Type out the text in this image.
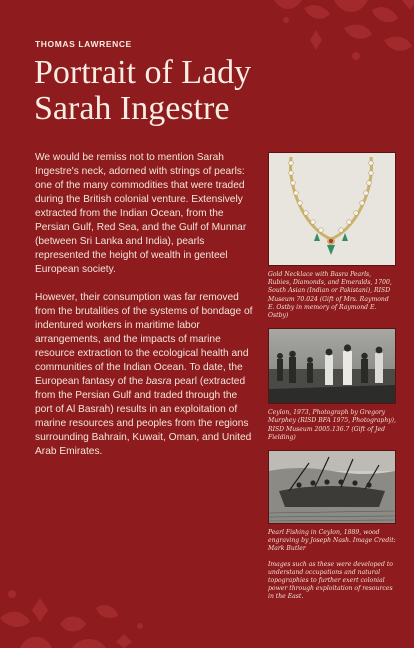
THOMAS LAWRENCE
Portrait of Lady
Sarah Ingestre

We would be remiss not to mention Sarah Ingestre's neck, adorned with strings of pearls: one of the many commodities that were traded during the British colonial venture. Extensively extracted from the Indian Ocean, from the Persian Gulf, Red Sea, and the Gulf of Munnar (between Sri Lanka and India), pearls represented the height of wealth in genteel European society.

However, their consumption was far removed from the brutalities of the systems of bondage of indentured workers in maritime labor arrangements, and the impacts of marine resource extraction to the ecological health and communities of the Indian Ocean. To date, the European fantasy of the basra pearl (extracted from the Persian Gulf and traded through the port of Al Basrah) results in an exploitation of marine resources and peoples from the regions surrounding Bahrain, Kuwait, Oman, and United Arab Emirates.

Gold Necklace with Basra Pearls, Rubies, Diamonds, and Emeralds, 1700, South Asian (Indian or Pakistani), RISD Museum 70.024 (Gift of Mrs. Raymond E. Ostby in memory of Raymond E. Ostby)

Ceylon, 1973, Photograph by Gregory Murphey (RISD BFA 1975, Photography), RISD Museum 2005.136.7 (Gift of Jed Fielding)

Pearl Fishing in Ceylon, 1889, wood engraving by Joseph Nash. Image Credit: Mark Butler

Images such as these were developed to understand occupations and natural topographies to further exert colonial power through exploitation of resources in the East.
